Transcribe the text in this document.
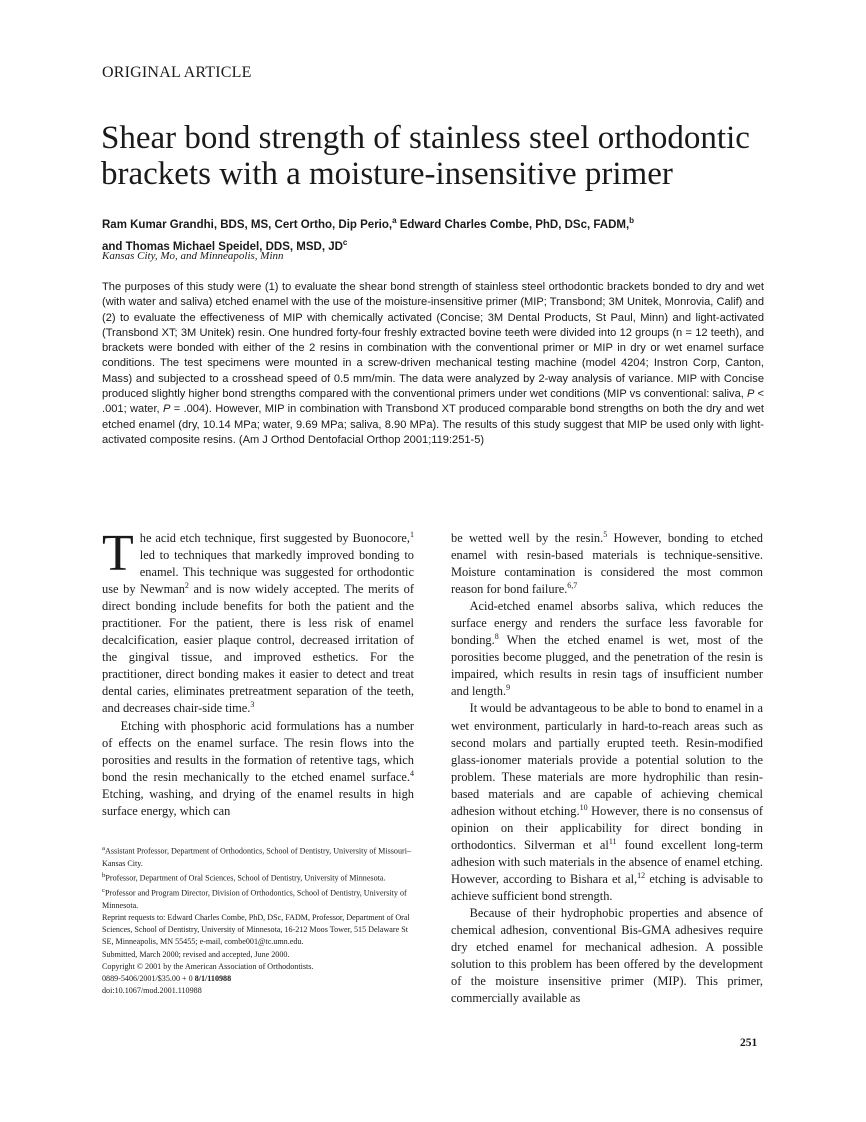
ORIGINAL ARTICLE
Shear bond strength of stainless steel orthodontic brackets with a moisture-insensitive primer
Ram Kumar Grandhi, BDS, MS, Cert Ortho, Dip Perio,$^a$ Edward Charles Combe, PhD, DSc, FADM,$^b$
and Thomas Michael Speidel, DDS, MSD, $JD^c$
Kansas City, Mo, and Minneapolis, Minn
The purposes of this study were (1) to evaluate the shear bond strength of stainless steel orthodontic brackets bonded to dry and wet (with water and saliva) etched enamel with the use of the moisture-insensitive primer (MIP; Transbond; 3M Unitek, Monrovia, Calif) and (2) to evaluate the effectiveness of MIP with chemically activated (Concise; 3M Dental Products, St Paul, Minn) and light-activated (Transbond XT; 3M Unitek) resin. One hundred forty-four freshly extracted bovine teeth were divided into 12 groups (n = 12 teeth), and brackets were bonded with either of the 2 resins in combination with the conventional primer or MIP in dry or wet enamel surface conditions. The test specimens were mounted in a screw-driven mechanical testing machine (model 4204; Instron Corp, Canton, Mass) and subjected to a crosshead speed of 0.5 mm/min. The data were analyzed by 2-way analysis of variance. MIP with Concise produced slightly higher bond strengths compared with the conventional primers under wet conditions (MIP vs conventional: saliva, P < .001; water, P = .004). However, MIP in combination with Transbond XT produced comparable bond strengths on both the dry and wet etched enamel (dry, 10.14 MPa; water, 9.69 MPa; saliva, 8.90 MPa). The results of this study suggest that MIP be used only with light-activated composite resins. (Am J Orthod Dentofacial Orthop 2001;119:251-5)

The acid etch technique, first suggested by Buonocore,$^1$ led to techniques that markedly improved bonding to enamel. This technique was suggested for orthodontic use by Newman$^2$ and is now widely accepted. The merits of direct bonding include benefits for both the patient and the practitioner. For the patient, there is less risk of enamel decalcification, easier plaque control, decreased irritation of the gingival tissue, and improved esthetics. For the practitioner, direct bonding makes it easier to detect and treat dental caries, eliminates pretreatment separation of the teeth, and decreases chair-side time.$^3$

Etching with phosphoric acid formulations has a number of effects on the enamel surface. The resin flows into the porosities and results in the formation of retentive tags, which bond the resin mechanically to the etched enamel surface.$^4$ Etching, washing, and drying of the enamel results in high surface energy, which can

$^a$Assistant Professor, Department of Orthodontics, School of Dentistry, University of Missouri–Kansas City.
$^b$Professor, Department of Oral Sciences, School of Dentistry, University of Minnesota.
$^c$Professor and Program Director, Division of Orthodontics, School of Dentistry, University of Minnesota.
Reprint requests to: Edward Charles Combe, PhD, DSc, FADM, Professor, Department of Oral Sciences, School of Dentistry, University of Minnesota, 16-212 Moos Tower, 515 Delaware St SE, Minneapolis, MN 55455; e-mail, combe001@tc.umn.edu.
Submitted, March 2000; revised and accepted, June 2000.
Copyright © 2001 by the American Association of Orthodontists.
0889-5406/2001/$35.00 + 0 8/1/110988
doi:10.1067/mod.2001.110988

be wetted well by the resin.$^5$ However, bonding to etched enamel with resin-based materials is technique-sensitive. Moisture contamination is considered the most common reason for bond failure.$^{6,7}$

Acid-etched enamel absorbs saliva, which reduces the surface energy and renders the surface less favorable for bonding.$^8$ When the etched enamel is wet, most of the porosities become plugged, and the penetration of the resin is impaired, which results in resin tags of insufficient number and length.$^9$

It would be advantageous to be able to bond to enamel in a wet environment, particularly in hard-to-reach areas such as second molars and partially erupted teeth. Resin-modified glass-ionomer materials provide a potential solution to the problem. These materials are more hydrophilic than resin-based materials and are capable of achieving chemical adhesion without etching.$^{10}$ However, there is no consensus of opinion on their applicability for direct bonding in orthodontics. Silverman et $al^{11}$ found excellent long-term adhesion with such materials in the absence of enamel etching. However, according to Bishara et al,$^{12}$ etching is advisable to achieve sufficient bond strength.

Because of their hydrophobic properties and absence of chemical adhesion, conventional Bis-GMA adhesives require dry etched enamel for mechanical adhesion. A possible solution to this problem has been offered by the development of the moisture insensitive primer (MIP). This primer, commercially available as

251
